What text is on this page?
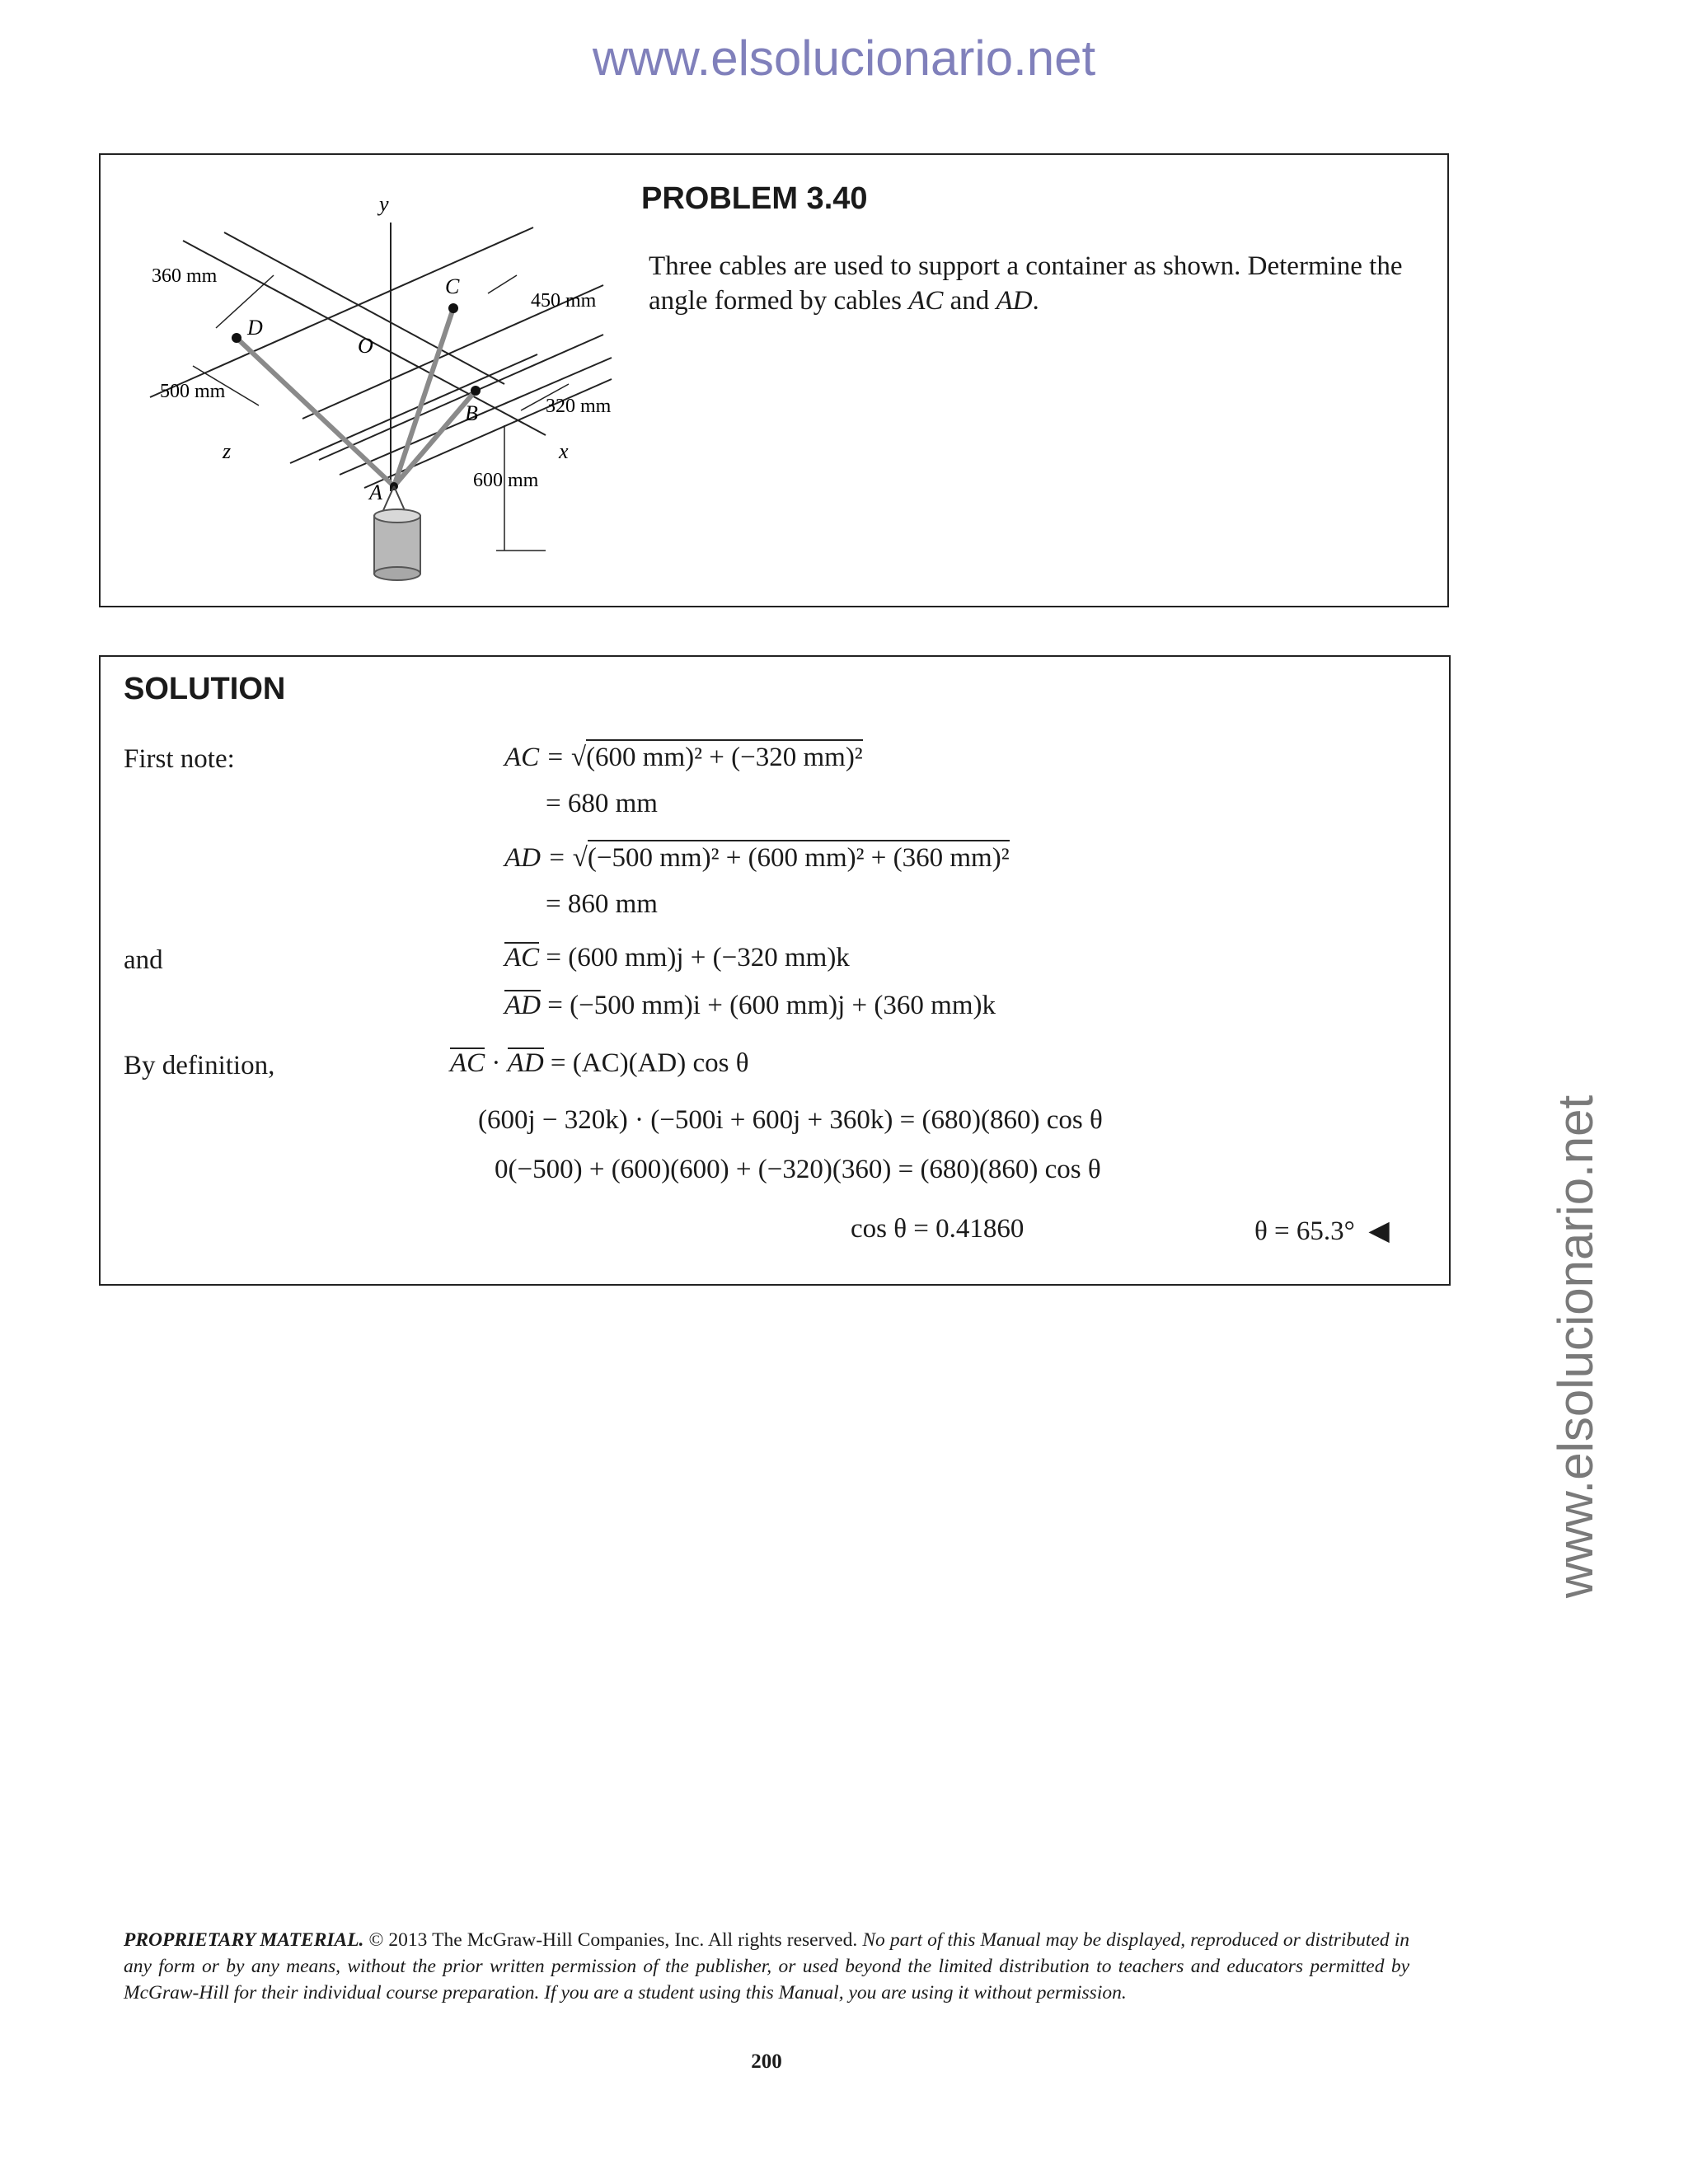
www.elsolucionario.net
www.elsolucionario.net
y
z	x
O
A
B
C
D
360 mm
450 mm
500 mm
320 mm
600 mm
PROBLEM 3.40
Three cables are used to support a container as shown. Determine the angle formed by cables AC and AD.
SOLUTION
First note:	AC = √(600 mm)² + (−320 mm)²
= 680 mm
AD = √(−500 mm)² + (600 mm)² + (360 mm)²
= 860 mm
and	AC = (600 mm)j + (−320 mm)k
AD = (−500 mm)i + (600 mm)j + (360 mm)k
By definition,	AC · AD = (AC)(AD) cos θ
(600j − 320k) · (−500i + 600j + 360k) = (680)(860) cos θ
0(−500) + (600)(600) + (−320)(360) = (680)(860) cos θ
cos θ = 0.41860	θ = 65.3° ◀
PROPRIETARY MATERIAL. © 2013 The McGraw-Hill Companies, Inc. All rights reserved. No part of this Manual may be displayed, reproduced or distributed in any form or by any means, without the prior written permission of the publisher, or used beyond the limited distribution to teachers and educators permitted by McGraw-Hill for their individual course preparation. If you are a student using this Manual, you are using it without permission.
200
